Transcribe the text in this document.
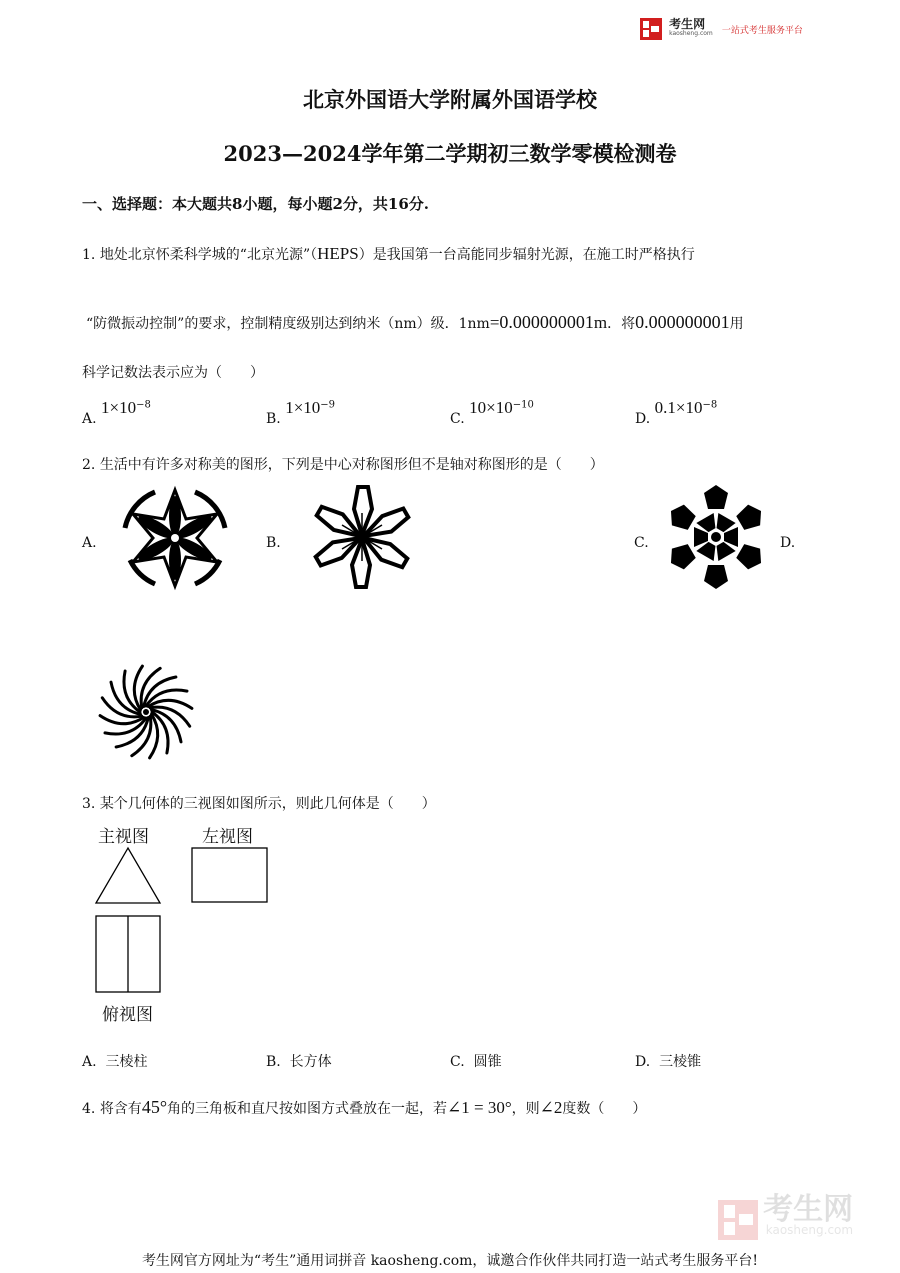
考生网
kaosheng.com 一站式考生服务平台
北京外国语大学附属外国语学校
2023—2024学年第二学期初三数学零模检测卷
一、选择题：本大题共8小题，每小题2分，共16分.
1. 地处北京怀柔科学城的“北京光源”（HEPS）是我国第一台高能同步辐射光源，在施工时严格执行
“防微振动控制”的要求，控制精度级别达到纳米（nm）级．1nm=0.000000001m．将0.000000001用
科学记数法表示应为（　　）
A. $1\times 10^{-8}$
B. $1\times 10^{-9}$
C. $10\times 10^{-10}$
D. $0.1\times 10^{-8}$
2. 生活中有许多对称美的图形，下列是中心对称图形但不是轴对称图形的是（　　）
A.	B.	C.	D.
3. 某个几何体的三视图如图所示，则此几何体是（　　）
主视图	左视图
俯视图
A. 三棱柱	B. 长方体	C. 圆锥	D. 三棱锥
4. 将含有45°角的三角板和直尺按如图方式叠放在一起，若∠1 = 30°，则∠2度数（　　）

考生网
kaosheng.com
考生网官方网址为“考生”通用词拼音 kaosheng.com，诚邀合作伙伴共同打造一站式考生服务平台!
